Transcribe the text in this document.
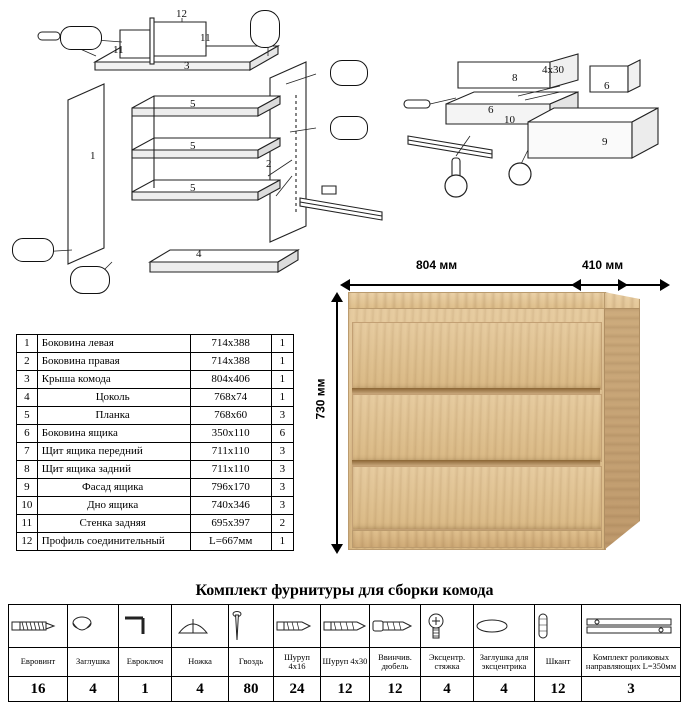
12
11
11
3
5
5
5
1
2
4
8
4x30
6
6
10
9
1	Боковина левая	714x388	1
2	Боковина правая	714x388	1
3	Крыша комода	804x406	1
4	Цоколь	768x74	1
5	Планка	768x60	3
6	Боковина ящика	350x110	6
7	Щит ящика передний	711x110	3
8	Щит ящика задний	711x110	3
9	Фасад ящика	796x170	3
10	Дно ящика	740x346	3
11	Стенка задняя	695x397	2
12	Профиль соединительный	L=667мм	1
804 мм	410 мм
730 мм
Комплект фурнитуры для сборки комода

Евровинт	Заглушка	Евроключ	Ножка	Гвоздь	Шуруп 4x16	Шуруп 4x30	Ввинчив. дюбель	Эксцентр. стяжка	Заглушка для эксцентрика	Шкант	Комплект роликовых направляющих L=350мм
16	4	1	4	80	24	12	12	4	4	12	3
